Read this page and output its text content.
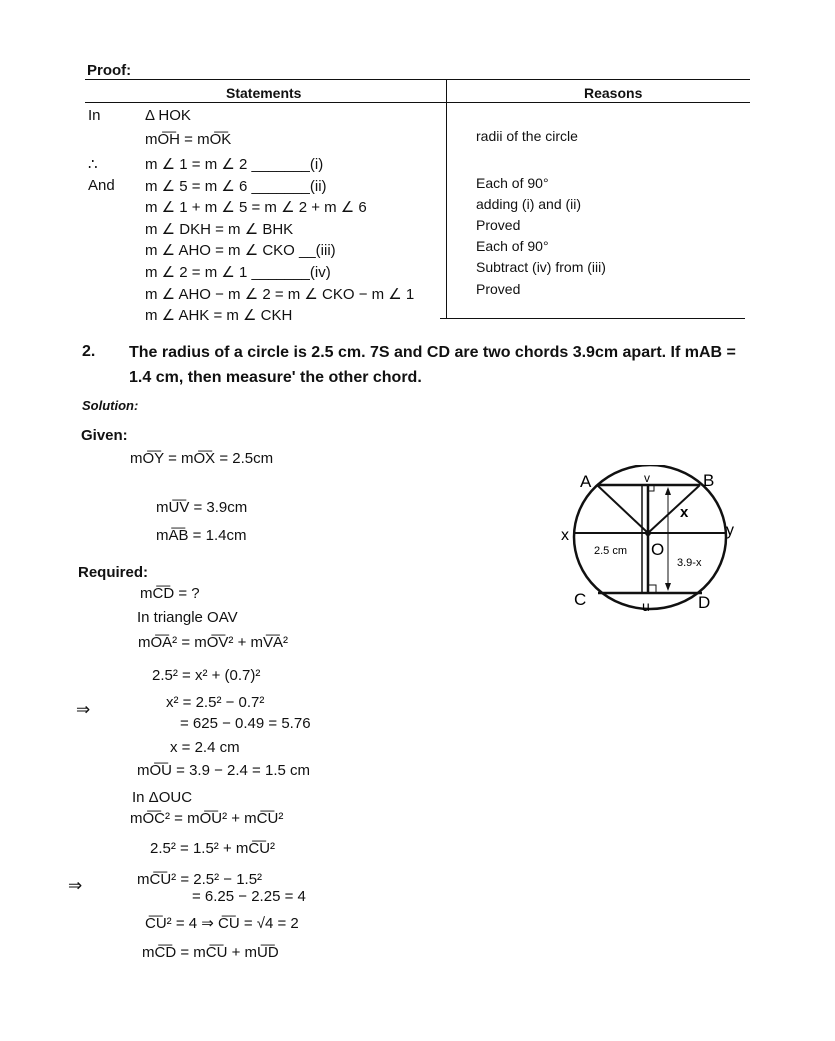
Proof:
Statements	Reasons
In	Δ HOK
mO͞H = mO͞K	radii of the circle
∴	m ∠ 1 = m ∠ 2 _______(i)
And m ∠ 5 = m ∠ 6 _______(ii)	Each of 90°
m ∠ 1 + m ∠ 5 = m ∠ 2 + m ∠ 6	adding (i) and (ii)
m ∠ DKH = m ∠ BHK	Proved
m ∠ AHO = m ∠ CKO __(iii)	Each of 90°
m ∠ 2 = m ∠ 1 _______(iv)	Subtract (iv) from (iii)
m ∠ AHO − m ∠ 2 = m ∠ CKO − m ∠ 1	Proved
m ∠ AHK = m ∠ CKH
2. The radius of a circle is 2.5 cm. 7S and CD are two chords 3.9cm apart. If mAB = 1.4 cm, then measure' the other chord.
Solution:
Given:
mO͞Y = mO͞X = 2.5cm
mU͞V = 3.9cm
mA͞B = 1.4cm
Required:
mC͞D = ?
In triangle OAV
mO͞A² = mO͞V² + mV͞A²
2.5² = x² + (0.7)²
⇒	x² = 2.5² − 0.7²
= 625 − 0.49 = 5.76
x = 2.4 cm
mO͞U = 3.9 − 2.4 = 1.5 cm
In ΔOUC
mO͞C² = mO͞U² + mC͞U²
2.5² = 1.5² + mC͞U²
⇒	mC͞U² = 2.5² − 1.5²
= 6.25 − 2.25 = 4
C͞U² = 4 ⇒ C͞U = √4 = 2
mC͞D = mC͞U + mU͞D
A	B
v
x	y
O
C	D
u
x
2.5 cm
3.9-x
